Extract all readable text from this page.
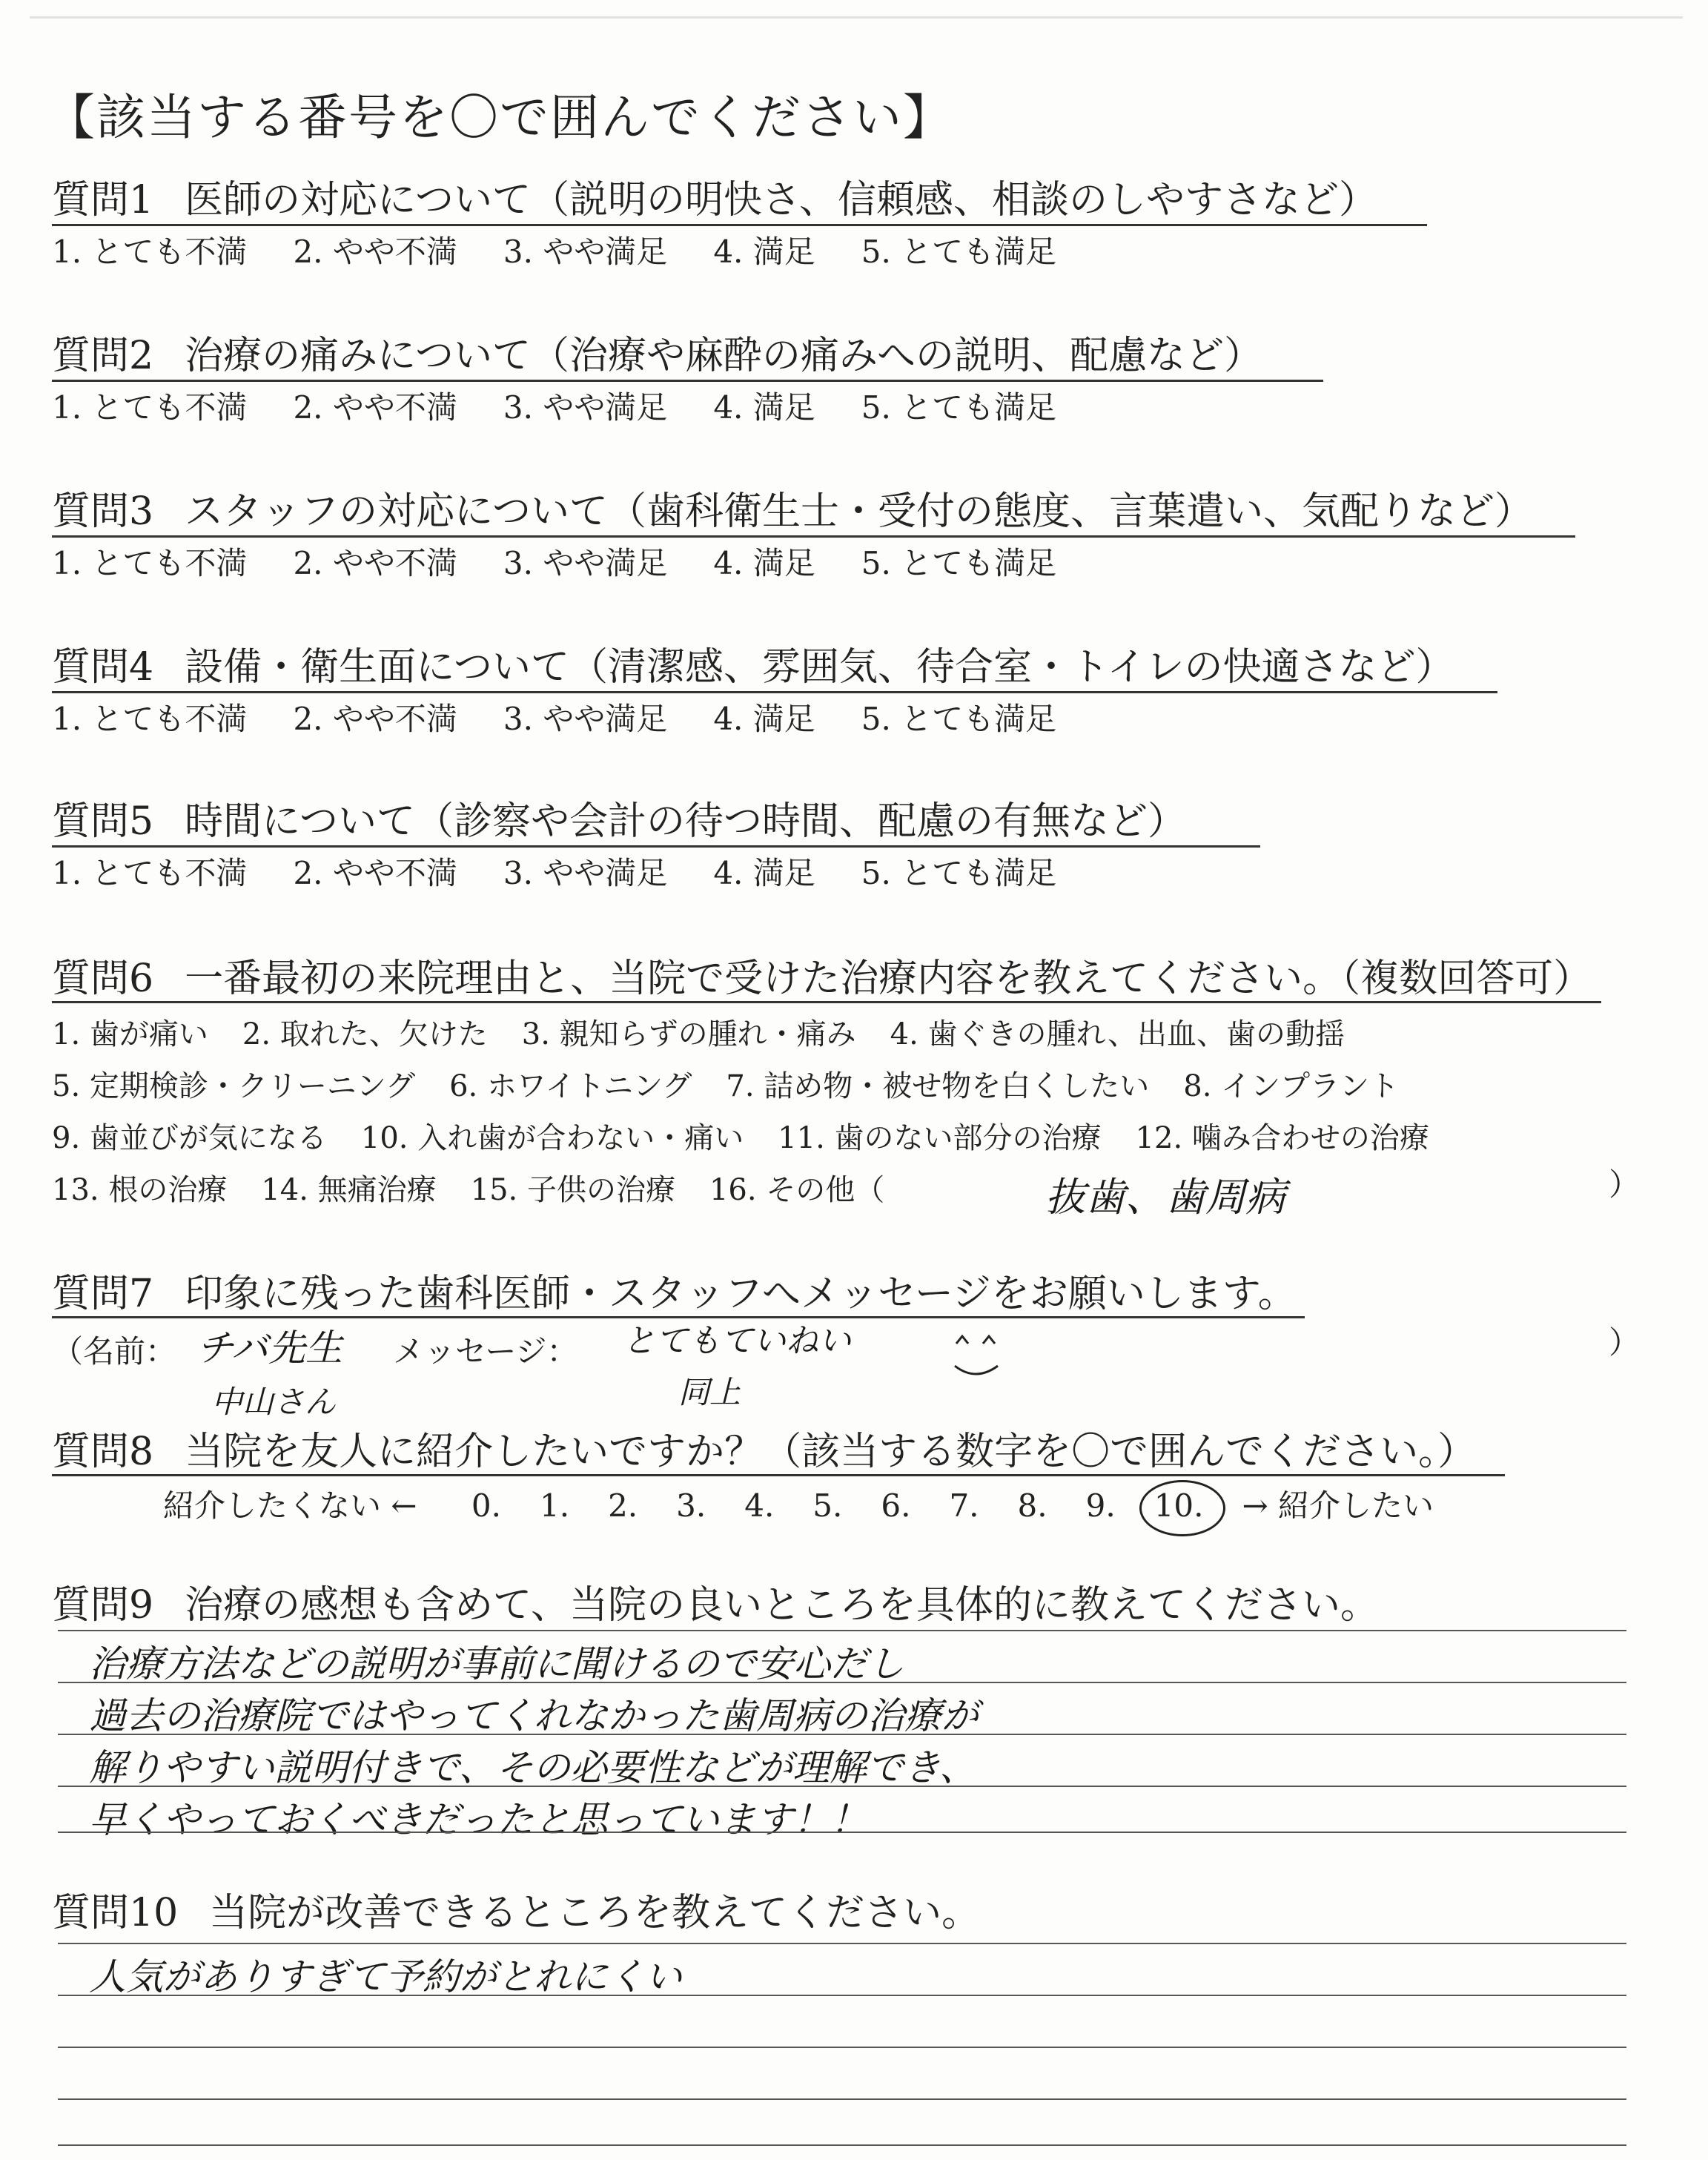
【該当する番号を〇で囲んでください】
質問1 医師の対応について（説明の明快さ、信頼感、相談のしやすさなど）
1. とても不満 2. やや不満 3. やや満足 4. 満足 5. とても満足
質問2 治療の痛みについて（治療や麻酔の痛みへの説明、配慮など）
1. とても不満 2. やや不満 3. やや満足 4. 満足 5. とても満足
質問3 スタッフの対応について（歯科衛生士・受付の態度、言葉遣い、気配りなど）
1. とても不満 2. やや不満 3. やや満足 4. 満足 5. とても満足
質問4 設備・衛生面について（清潔感、雰囲気、待合室・トイレの快適さなど）
1. とても不満 2. やや不満 3. やや満足 4. 満足 5. とても満足
質問5 時間について（診察や会計の待つ時間、配慮の有無など）
1. とても不満 2. やや不満 3. やや満足 4. 満足 5. とても満足
質問6 一番最初の来院理由と、当院で受けた治療内容を教えてください。（複数回答可）
1. 歯が痛い 2. 取れた、欠けた 3. 親知らずの腫れ・痛み 4. 歯ぐきの腫れ、出血、歯の動揺
5. 定期検診・クリーニング 6. ホワイトニング 7. 詰め物・被せ物を白くしたい 8. インプラント
9. 歯並びが気になる 10. 入れ歯が合わない・痛い 11. 歯のない部分の治療 12. 噛み合わせの治療
13. 根の治療 14. 無痛治療 15. 子供の治療 16. その他（	抜歯、歯周病	）
質問7 印象に残った歯科医師・スタッフへメッセージをお願いします。
（名前：	メッセージ：
チバ先生	とてもていねい
中山さん	同上
）
質問8 当院を友人に紹介したいですか？（該当する数字を〇で囲んでください。）
紹介したくない ← 0. 1. 2. 3. 4. 5. 6. 7. 8. 9. 10. → 紹介したい
質問9 治療の感想も含めて、当院の良いところを具体的に教えてください。
治療方法などの説明が事前に聞けるので安心だし
過去の治療院ではやってくれなかった歯周病の治療が
解りやすい説明付きで、その必要性などが理解でき、
早くやっておくべきだったと思っています！！
質問10 当院が改善できるところを教えてください。
人気がありすぎて予約がとれにくい
